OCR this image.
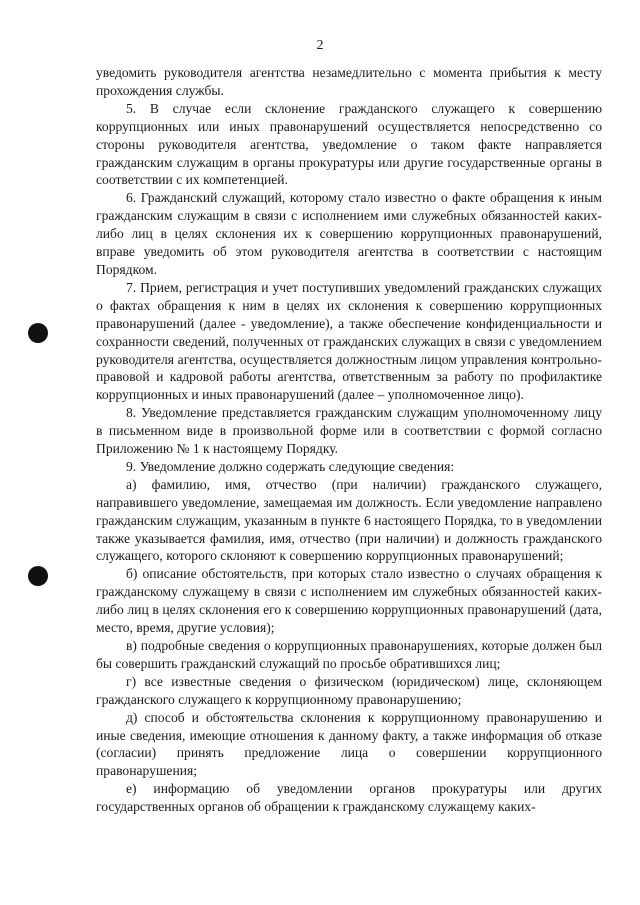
2

уведомить руководителя агентства незамедлительно с момента прибытия к месту прохождения службы.

5. В случае если склонение гражданского служащего к совершению коррупционных или иных правонарушений осуществляется непосредственно со стороны руководителя агентства, уведомление о таком факте направляется гражданским служащим в органы прокуратуры или другие государственные органы в соответствии с их компетенцией.

6. Гражданский служащий, которому стало известно о факте обращения к иным гражданским служащим в связи с исполнением ими служебных обязанностей каких-либо лиц в целях склонения их к совершению коррупционных правонарушений, вправе уведомить об этом руководителя агентства в соответствии с настоящим Порядком.

7. Прием, регистрация и учет поступивших уведомлений гражданских служащих о фактах обращения к ним в целях их склонения к совершению коррупционных правонарушений (далее - уведомление), а также обеспечение конфиденциальности и сохранности сведений, полученных от гражданских служащих в связи с уведомлением руководителя агентства, осуществляется должностным лицом управления контрольно-правовой и кадровой работы агентства, ответственным за работу по профилактике коррупционных и иных правонарушений (далее – уполномоченное лицо).

8. Уведомление представляется гражданским служащим уполномоченному лицу в письменном виде в произвольной форме или в соответствии с формой согласно Приложению № 1 к настоящему Порядку.

9. Уведомление должно содержать следующие сведения:

а) фамилию, имя, отчество (при наличии) гражданского служащего, направившего уведомление, замещаемая им должность. Если уведомление направлено гражданским служащим, указанным в пункте 6 настоящего Порядка, то в уведомлении также указывается фамилия, имя, отчество (при наличии) и должность гражданского служащего, которого склоняют к совершению коррупционных правонарушений;

б) описание обстоятельств, при которых стало известно о случаях обращения к гражданскому служащему в связи с исполнением им служебных обязанностей каких-либо лиц в целях склонения его к совершению коррупционных правонарушений (дата, место, время, другие условия);

в) подробные сведения о коррупционных правонарушениях, которые должен был бы совершить гражданский служащий по просьбе обратившихся лиц;

г) все известные сведения о физическом (юридическом) лице, склоняющем гражданского служащего к коррупционному правонарушению;

д) способ и обстоятельства склонения к коррупционному правонарушению и иные сведения, имеющие отношения к данному факту, а также информация об отказе (согласии) принять предложение лица о совершении коррупционного правонарушения;

е) информацию об уведомлении органов прокуратуры или других государственных органов об обращении к гражданскому служащему каких-
